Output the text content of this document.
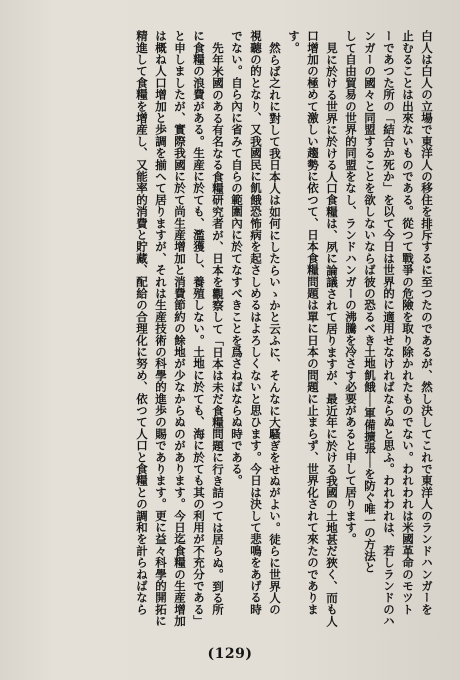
白人は白人の立場で東洋人の移住を排斥するに至つたのであるが、然し決してこれで東洋人のランドハンガーを
止むることは出來ないものである。從つて戰爭の危險を取り除かれたものでない。われわれは米國革命のモツト
ーであつた所の「結合か死か」を以て今日は世界的に適用せなければならぬと思ふ。われわれは、若しランドのハ
ンガーの國々と同盟することを欲しないならば彼の恐るべき土地飢餓──軍備擴張──を防ぐ唯一の方法と
して自由貿易の世界的同盟をなし、ランドハンガーの沸騰を冷さす必要があると申して居ります。
見に於ける世界に於ける人口食糧は、夙に論議されて居りますが、最近年に於ける我國の土地甚だ狹く、而も人
口增加の極めて激しい趨勢に依つて、日本食糧問題は單に日本の問題に止まらず、世界化されて來たのでありま
す。
然らば之れに對して我日本人は如何にしたらいゝかと云ふに、そんなに大騷ぎをせぬがよい。徒らに世界人の
視聽の的となり、又我國民に飢餓恐怖病を起さしめるはよろしくないと思ひます。今日は決して悲鳴をあげる時
でない。自ら內に省みて自らの範圍內に於てなすべきことを爲さねばならぬ時である。
先年米國のある有名なる食糧研究者が、日本を觀察して「日本は未だ食糧問題に行き詰つては居らぬ。到る所
に食糧の浪費がある。生産に於ても、濫獲し、養殖しない。土地に於ても、海に於ても其の利用が不充分である」
と申しましたが、實際我國に於て尚生産增加と消費節約の餘地が少なからぬのがあります。今日迄食糧の生産增加
は概ね人口增加と歩調を揃へて居りますが、それは生産技術の科學的進歩の賜であります。更に益々科學的開拓に
精進して食糧を增産し、又能率的消費と貯藏、配給の合理化に努め、依つて人口と食糧との調和を計らねばなら
(129)
